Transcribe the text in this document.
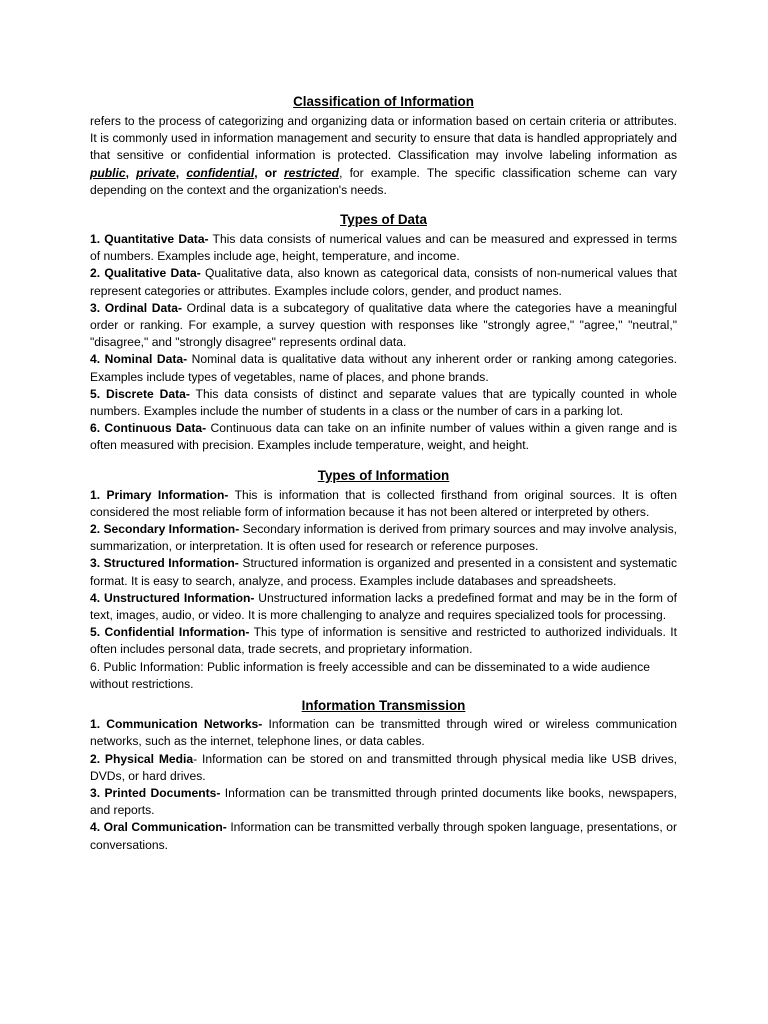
Classification of Information

refers to the process of categorizing and organizing data or information based on certain criteria or attributes. It is commonly used in information management and security to ensure that data is handled appropriately and that sensitive or confidential information is protected. Classification may involve labeling information as public, private, confidential, or restricted, for example. The specific classification scheme can vary depending on the context and the organization's needs.

Types of Data

1. Quantitative Data- This data consists of numerical values and can be measured and expressed in terms of numbers. Examples include age, height, temperature, and income.

2. Qualitative Data- Qualitative data, also known as categorical data, consists of non-numerical values that represent categories or attributes. Examples include colors, gender, and product names.

3. Ordinal Data- Ordinal data is a subcategory of qualitative data where the categories have a meaningful order or ranking. For example, a survey question with responses like "strongly agree," "agree," "neutral," "disagree," and "strongly disagree" represents ordinal data.

4. Nominal Data- Nominal data is qualitative data without any inherent order or ranking among categories. Examples include types of vegetables, name of places, and phone brands.

5. Discrete Data- This data consists of distinct and separate values that are typically counted in whole numbers. Examples include the number of students in a class or the number of cars in a parking lot.

6. Continuous Data- Continuous data can take on an infinite number of values within a given range and is often measured with precision. Examples include temperature, weight, and height.

Types of Information

1. Primary Information- This is information that is collected firsthand from original sources. It is often considered the most reliable form of information because it has not been altered or interpreted by others.

2. Secondary Information- Secondary information is derived from primary sources and may involve analysis, summarization, or interpretation. It is often used for research or reference purposes.

3. Structured Information- Structured information is organized and presented in a consistent and systematic format. It is easy to search, analyze, and process. Examples include databases and spreadsheets.

4. Unstructured Information- Unstructured information lacks a predefined format and may be in the form of text, images, audio, or video. It is more challenging to analyze and requires specialized tools for processing.

5. Confidential Information- This type of information is sensitive and restricted to authorized individuals. It often includes personal data, trade secrets, and proprietary information.

6. Public Information: Public information is freely accessible and can be disseminated to a wide audience without restrictions.

Information Transmission

1. Communication Networks- Information can be transmitted through wired or wireless communication networks, such as the internet, telephone lines, or data cables.

2. Physical Media- Information can be stored on and transmitted through physical media like USB drives, DVDs, or hard drives.

3. Printed Documents- Information can be transmitted through printed documents like books, newspapers, and reports.

4. Oral Communication- Information can be transmitted verbally through spoken language, presentations, or conversations.
